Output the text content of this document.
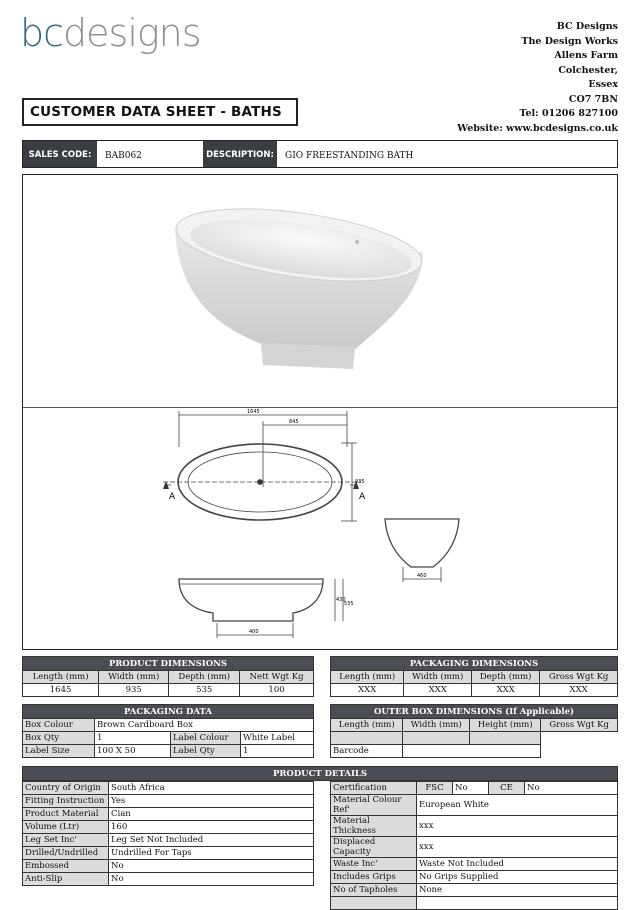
bcdesigns	BC Designs
The Design Works
Allens Farm
Colchester,
Essex
CO7 7BN
Tel: 01206 827100
Website: www.bcdesigns.co.uk
CUSTOMER DATA SHEET - BATHS
SALES CODE:	BAB062	DESCRIPTION:	GIO FREESTANDING BATH
1645
845
935
460
400
430
535
A	A
PRODUCT DIMENSIONS			
Length (mm)	Width (mm)	Depth (mm)	Nett Wgt Kg
1645	935	535	100
PACKAGING DIMENSIONS			
Length (mm)	Width (mm)	Depth (mm)	Gross Wgt Kg
XXX	XXX	XXX	XXX
PACKAGING DATA			
Box Colour	Brown Cardboard Box		
Box Qty	1	Label Colour	White Label
Label Size	100 X 50	Label Qty	1
OUTER BOX DIMENSIONS (If Applicable)			
Length (mm)	Width (mm)	Height (mm)	Gross Wgt Kg

Barcode			
PRODUCT DETAILS
Country of Origin	South Africa
Fitting Instruction	Yes
Product Material	Cian
Volume (Ltr)	160
Leg Set Inc'	Leg Set Not Included
Drilled/Undrilled	Undrilled For Taps
Embossed	No
Anti-Slip	No
Certification	FSC	No	CE	No
Material Colour Ref'	European White			
Material Thickness	xxx			
Displaced Capacity	xxx			
Waste Inc'	Waste Not Included			
Includes Grips	No Grips Supplied			
No of Tapholes	None			
